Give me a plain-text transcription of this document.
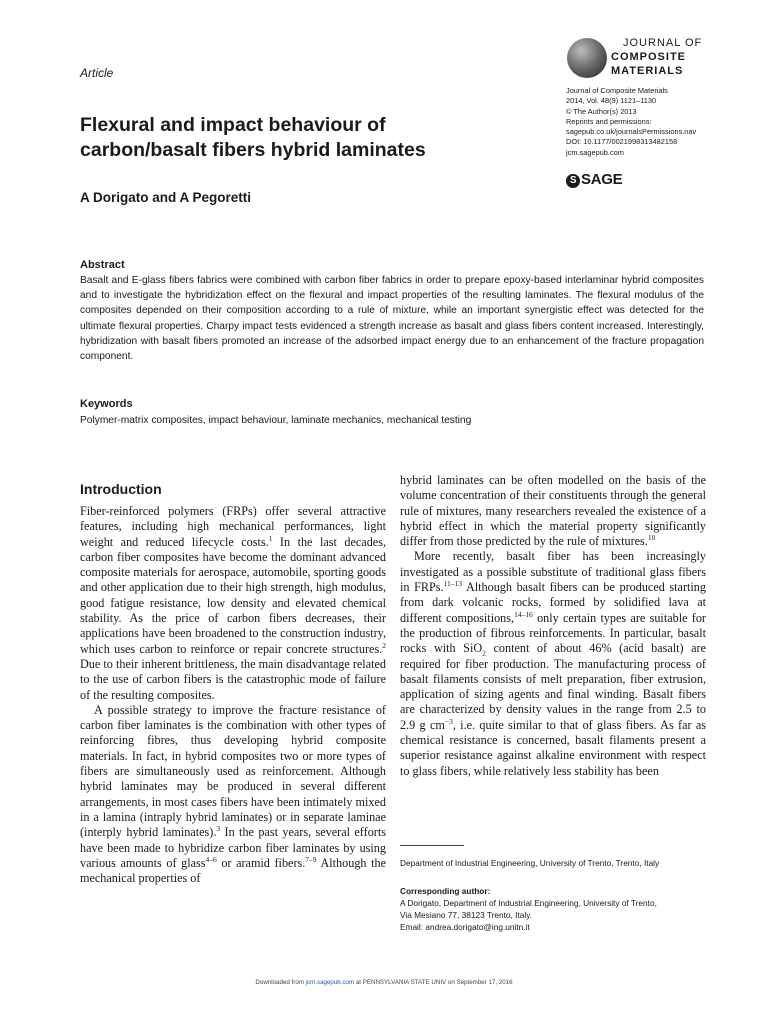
Article
Flexural and impact behaviour of
carbon/basalt fibers hybrid laminates
A Dorigato and A Pegoretti
JOURNAL OF
COMPOSITE
MATERIALS
Journal of Composite Materials
2014, Vol. 48(9) 1121–1130
© The Author(s) 2013
Reprints and permissions:
sagepub.co.uk/journalsPermissions.nav
DOI: 10.1177/0021998313482158
jcm.sagepub.com
S SAGE
Abstract
Basalt and E-glass fibers fabrics were combined with carbon fiber fabrics in order to prepare epoxy-based interlaminar hybrid composites and to investigate the hybridization effect on the flexural and impact properties of the resulting laminates. The flexural modulus of the composites depended on their composition according to a rule of mixture, while an important synergistic effect was detected for the ultimate flexural properties. Charpy impact tests evidenced a strength increase as basalt and glass fibers content increased. Interestingly, hybridization with basalt fibers promoted an increase of the adsorbed impact energy due to an enhancement of the fracture propagation component.
Keywords
Polymer-matrix composites, impact behaviour, laminate mechanics, mechanical testing
Introduction

Fiber-reinforced polymers (FRPs) offer several attractive features, including high mechanical performances, light weight and reduced lifecycle costs.$^1$ In the last decades, carbon fiber composites have become the dominant advanced composite materials for aerospace, automobile, sporting goods and other application due to their high strength, high modulus, good fatigue resistance, low density and elevated chemical stability. As the price of carbon fibers decreases, their applications have been broadened to the construction industry, which uses carbon to reinforce or repair concrete structures.$^2$ Due to their inherent brittleness, the main disadvantage related to the use of carbon fibers is the catastrophic mode of failure of the resulting composites.

A possible strategy to improve the fracture resistance of carbon fiber laminates is the combination with other types of reinforcing fibres, thus developing hybrid composite materials. In fact, in hybrid composites two or more types of fibers are simultaneously used as reinforcement. Although hybrid laminates may be produced in several different arrangements, in most cases fibers have been intimately mixed in a lamina (intraply hybrid laminates) or in separate laminae (interply hybrid laminates).$^3$ In the past years, several efforts have been made to hybridize carbon fiber laminates by using various amounts of glass$^{4-6}$ or aramid fibers.$^{7-9}$ Although the mechanical properties of

hybrid laminates can be often modelled on the basis of the volume concentration of their constituents through the general rule of mixtures, many researchers revealed the existence of a hybrid effect in which the material property significantly differ from those predicted by the rule of mixtures.$^{10}$

More recently, basalt fiber has been increasingly investigated as a possible substitute of traditional glass fibers in FRPs.$^{11-13}$ Although basalt fibers can be produced starting from dark volcanic rocks, formed by solidified lava at different compositions,$^{14-16}$ only certain types are suitable for the production of fibrous reinforcements. In particular, basalt rocks with SiO$_2$ content of about 46% (acid basalt) are required for fiber production. The manufacturing process of basalt filaments consists of melt preparation, fiber extrusion, application of sizing agents and final winding. Basalt fibers are characterized by density values in the range from 2.5 to 2.9 g $cm^{-3}$, i.e. quite similar to that of glass fibers. As far as chemical resistance is concerned, basalt filaments present a superior resistance against alkaline environment with respect to glass fibers, while relatively less stability has been

Department of Industrial Engineering, University of Trento, Trento, Italy
Corresponding author:
A Dorigato, Department of Industrial Engineering, University of Trento,
Via Mesiano 77, 38123 Trento, Italy.
Email: andrea.dorigato@ing.unitn.it
Downloaded from jcm.sagepub.com at PENNSYLVANIA STATE UNIV on September 17, 2016
